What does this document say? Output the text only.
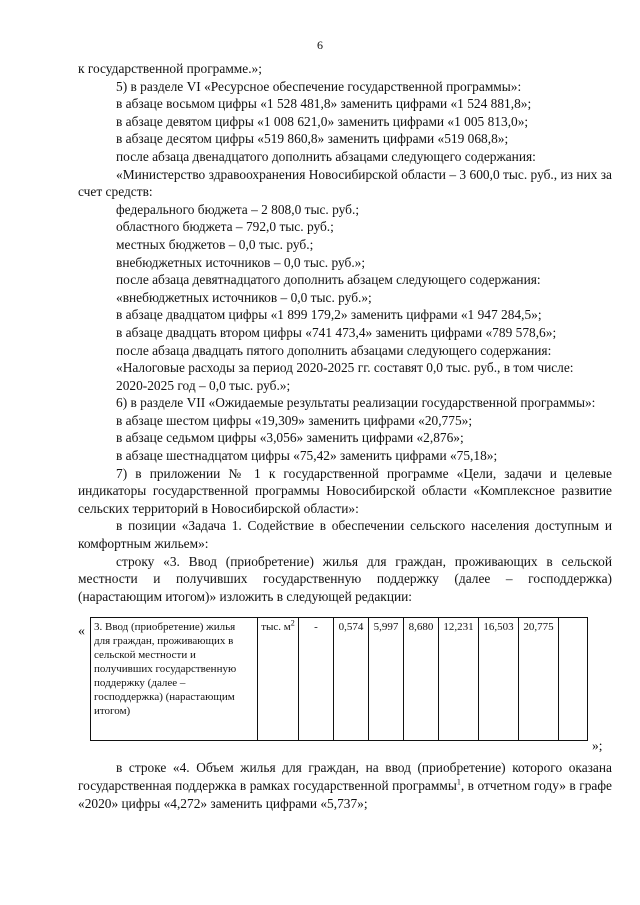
6

к государственной программе.»;

5) в разделе VI «Ресурсное обеспечение государственной программы»:

в абзаце восьмом цифры «1 528 481,8» заменить цифрами «1 524 881,8»;

в абзаце девятом цифры «1 008 621,0» заменить цифрами «1 005 813,0»;

в абзаце десятом цифры «519 860,8» заменить цифрами «519 068,8»;

после абзаца двенадцатого дополнить абзацами следующего содержания:

«Министерство здравоохранения Новосибирской области – 3 600,0 тыс. руб., из них за счет средств:

федерального бюджета – 2 808,0 тыс. руб.;

областного бюджета – 792,0 тыс. руб.;

местных бюджетов – 0,0 тыс. руб.;

внебюджетных источников – 0,0 тыс. руб.»;

после абзаца девятнадцатого дополнить абзацем следующего содержания:

«внебюджетных источников – 0,0 тыс. руб.»;

в абзаце двадцатом цифры «1 899 179,2» заменить цифрами «1 947 284,5»;

в абзаце двадцать втором цифры «741 473,4» заменить цифрами «789 578,6»;

после абзаца двадцать пятого дополнить абзацами следующего содержания:

«Налоговые расходы за период 2020-2025 гг. составят 0,0 тыс. руб., в том числе:

2020-2025 год – 0,0 тыс. руб.»;

6) в разделе VII «Ожидаемые результаты реализации государственной программы»:

в абзаце шестом цифры «19,309» заменить цифрами «20,775»;

в абзаце седьмом цифры «3,056» заменить цифрами «2,876»;

в абзаце шестнадцатом цифры «75,42» заменить цифрами «75,18»;

7) в приложении № 1 к государственной программе «Цели, задачи и целевые индикаторы государственной программы Новосибирской области «Комплексное развитие сельских территорий в Новосибирской области»:

в позиции «Задача 1. Содействие в обеспечении сельского населения доступным и комфортным жильем»:

строку «3. Ввод (приобретение) жилья для граждан, проживающих в сельской местности и получивших государственную поддержку (далее – господдержка) (нарастающим итогом)» изложить в следующей редакции:

« 3. Ввод (приобретение) жилья для граждан, проживающих в сельской местности и получивших государственную поддержку (далее – господдержка) (нарастающим итогом)	тыс. $м^2$	-	0,574	5,997	8,680	12,231	16,503	20,775	
»;

в строке «4. Объем жилья для граждан, на ввод (приобретение) которого оказана государственная поддержка в рамках государственной программы$^1$, в отчетном году» в графе «2020» цифры «4,272» заменить цифрами «5,737»;
